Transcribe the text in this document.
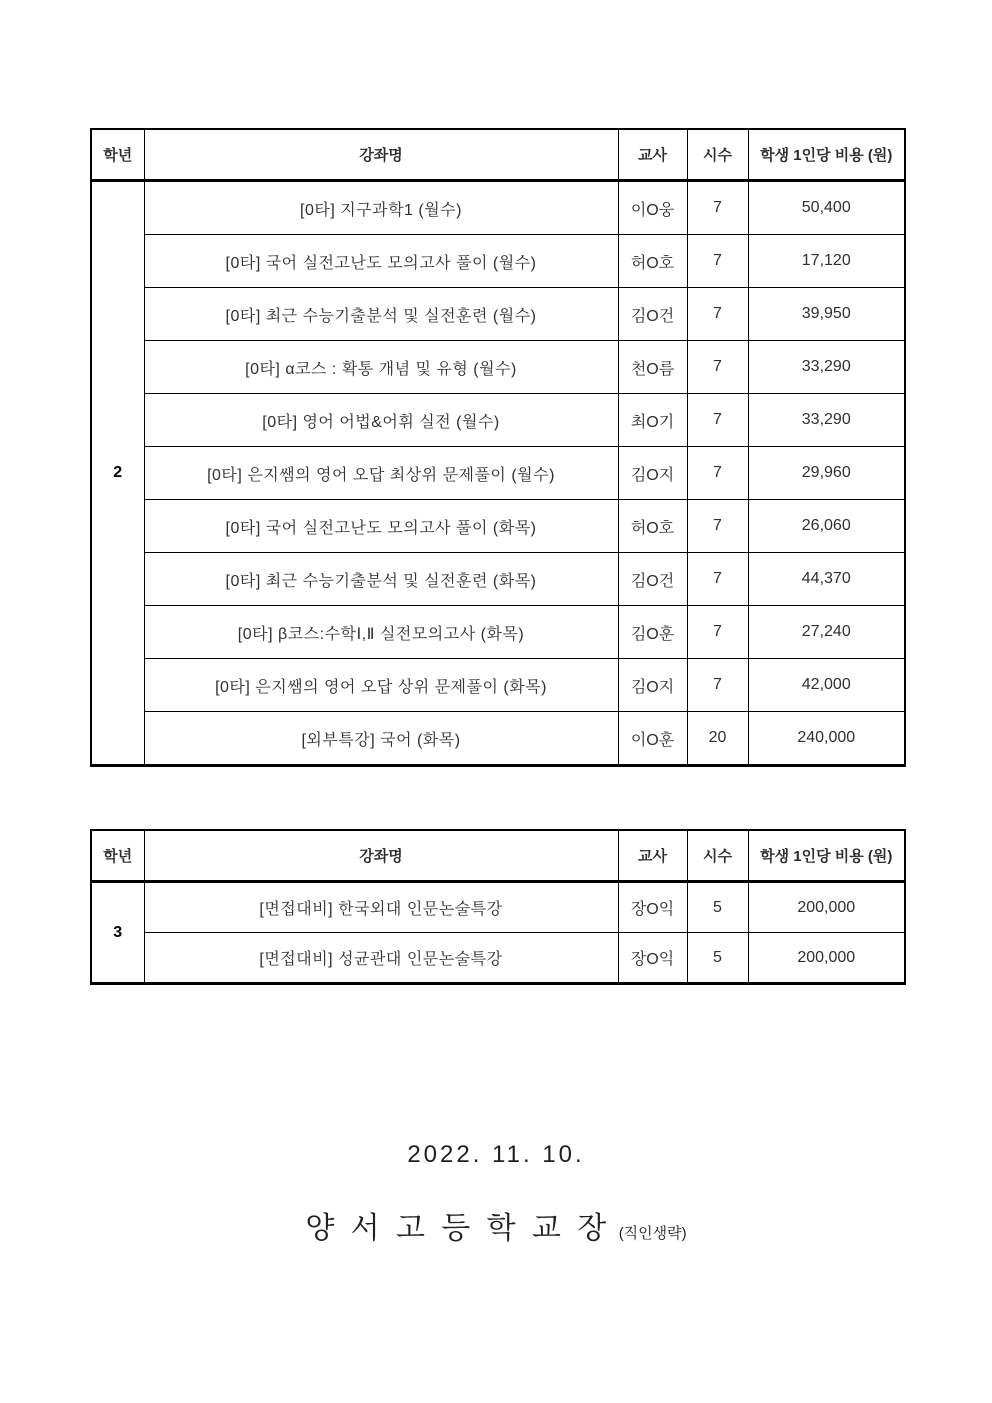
학년	강좌명	교사	시수	학생 1인당 비용 (원)
2	[0타] 지구과학1 (월수)	이O웅	7	50,400
	[0타] 국어 실전고난도 모의고사 풀이 (월수)	허O호	7	17,120
	[0타] 최근 수능기출분석 및 실전훈련 (월수)	김O건	7	39,950
	[0타] α코스 : 확통 개념 및 유형 (월수)	천O름	7	33,290
	[0타] 영어 어법&어휘 실전 (월수)	최O기	7	33,290
	[0타] 은지쌤의 영어 오답 최상위 문제풀이 (월수)	김O지	7	29,960
	[0타] 국어 실전고난도 모의고사 풀이 (화목)	허O호	7	26,060
	[0타] 최근 수능기출분석 및 실전훈련 (화목)	김O건	7	44,370
	[0타] β코스:수학Ⅰ,Ⅱ 실전모의고사 (화목)	김O훈	7	27,240
	[0타] 은지쌤의 영어 오답 상위 문제풀이 (화목)	김O지	7	42,000
	[외부특강] 국어 (화목)	이O훈	20	240,000
학년	강좌명	교사	시수	학생 1인당 비용 (원)
3	[면접대비] 한국외대 인문논술특강	장O익	5	200,000
	[면접대비] 성균관대 인문논술특강	장O익	5	200,000
2022. 11. 10.
양 서 고 등 학 교 장 (직인생략)
